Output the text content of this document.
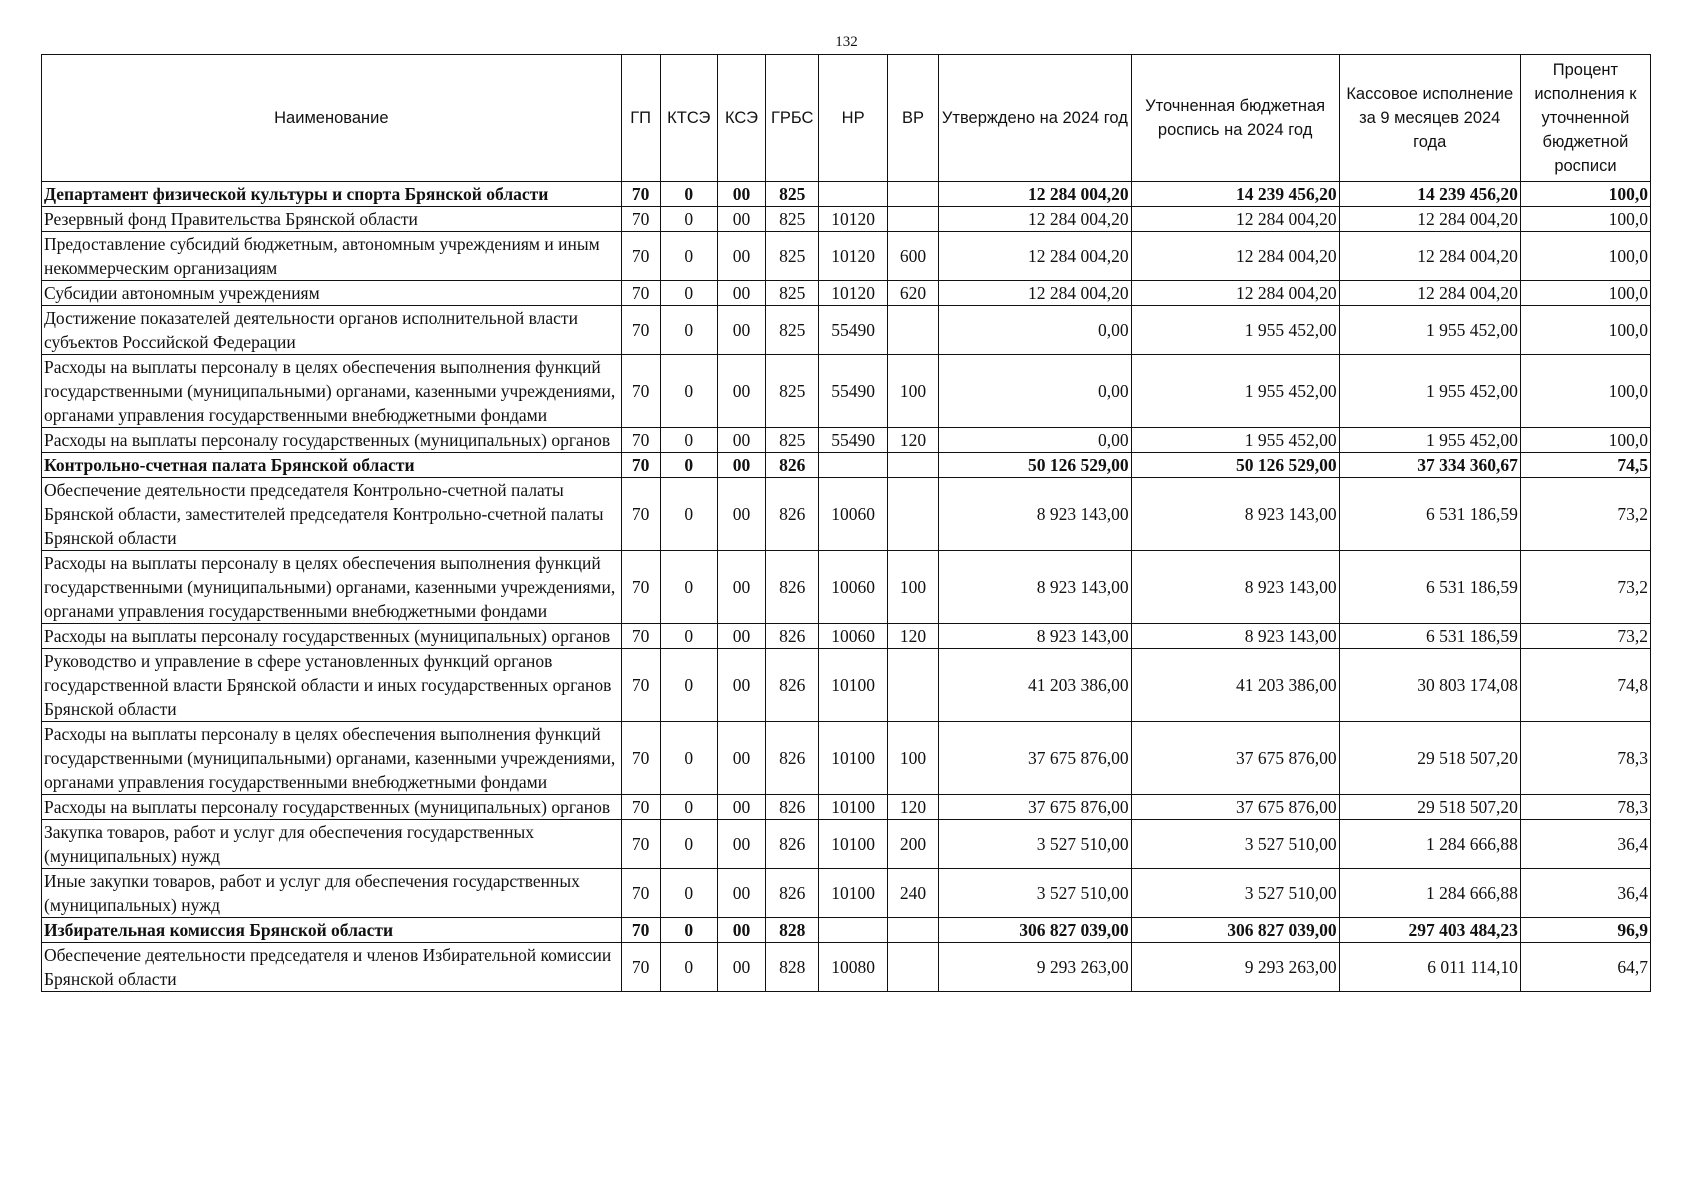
132
Наименование	ГП	КТСЭ	КСЭ	ГРБС	НР	ВР	Утверждено на 2024 год	Уточненная бюджетная роспись на 2024 год	Кассовое исполнение за 9 месяцев 2024 года	Процент исполнения к уточненной бюджетной росписи
Департамент физической культуры и спорта Брянской области	70	0	00	825			12 284 004,20	14 239 456,20	14 239 456,20	100,0
Резервный фонд Правительства Брянской области	70	0	00	825	10120		12 284 004,20	12 284 004,20	12 284 004,20	100,0
Предоставление субсидий бюджетным, автономным учреждениям и иным некоммерческим организациям	70	0	00	825	10120	600	12 284 004,20	12 284 004,20	12 284 004,20	100,0
Субсидии автономным учреждениям	70	0	00	825	10120	620	12 284 004,20	12 284 004,20	12 284 004,20	100,0
Достижение показателей деятельности органов исполнительной власти субъектов Российской Федерации	70	0	00	825	55490		0,00	1 955 452,00	1 955 452,00	100,0
Расходы на выплаты персоналу в целях обеспечения выполнения функций государственными (муниципальными) органами, казенными учреждениями, органами управления государственными внебюджетными фондами	70	0	00	825	55490	100	0,00	1 955 452,00	1 955 452,00	100,0
Расходы на выплаты персоналу государственных (муниципальных) органов	70	0	00	825	55490	120	0,00	1 955 452,00	1 955 452,00	100,0
Контрольно-счетная палата Брянской области	70	0	00	826			50 126 529,00	50 126 529,00	37 334 360,67	74,5
Обеспечение деятельности председателя Контрольно-счетной палаты Брянской области, заместителей председателя Контрольно-счетной палаты Брянской области	70	0	00	826	10060		8 923 143,00	8 923 143,00	6 531 186,59	73,2
Расходы на выплаты персоналу в целях обеспечения выполнения функций государственными (муниципальными) органами, казенными учреждениями, органами управления государственными внебюджетными фондами	70	0	00	826	10060	100	8 923 143,00	8 923 143,00	6 531 186,59	73,2
Расходы на выплаты персоналу государственных (муниципальных) органов	70	0	00	826	10060	120	8 923 143,00	8 923 143,00	6 531 186,59	73,2
Руководство и управление в сфере установленных функций органов государственной власти Брянской области и иных государственных органов Брянской области	70	0	00	826	10100		41 203 386,00	41 203 386,00	30 803 174,08	74,8
Расходы на выплаты персоналу в целях обеспечения выполнения функций государственными (муниципальными) органами, казенными учреждениями, органами управления государственными внебюджетными фондами	70	0	00	826	10100	100	37 675 876,00	37 675 876,00	29 518 507,20	78,3
Расходы на выплаты персоналу государственных (муниципальных) органов	70	0	00	826	10100	120	37 675 876,00	37 675 876,00	29 518 507,20	78,3
Закупка товаров, работ и услуг для обеспечения государственных (муниципальных) нужд	70	0	00	826	10100	200	3 527 510,00	3 527 510,00	1 284 666,88	36,4
Иные закупки товаров, работ и услуг для обеспечения государственных (муниципальных) нужд	70	0	00	826	10100	240	3 527 510,00	3 527 510,00	1 284 666,88	36,4
Избирательная комиссия Брянской области	70	0	00	828			306 827 039,00	306 827 039,00	297 403 484,23	96,9
Обеспечение деятельности председателя и членов Избирательной комиссии Брянской области	70	0	00	828	10080		9 293 263,00	9 293 263,00	6 011 114,10	64,7
